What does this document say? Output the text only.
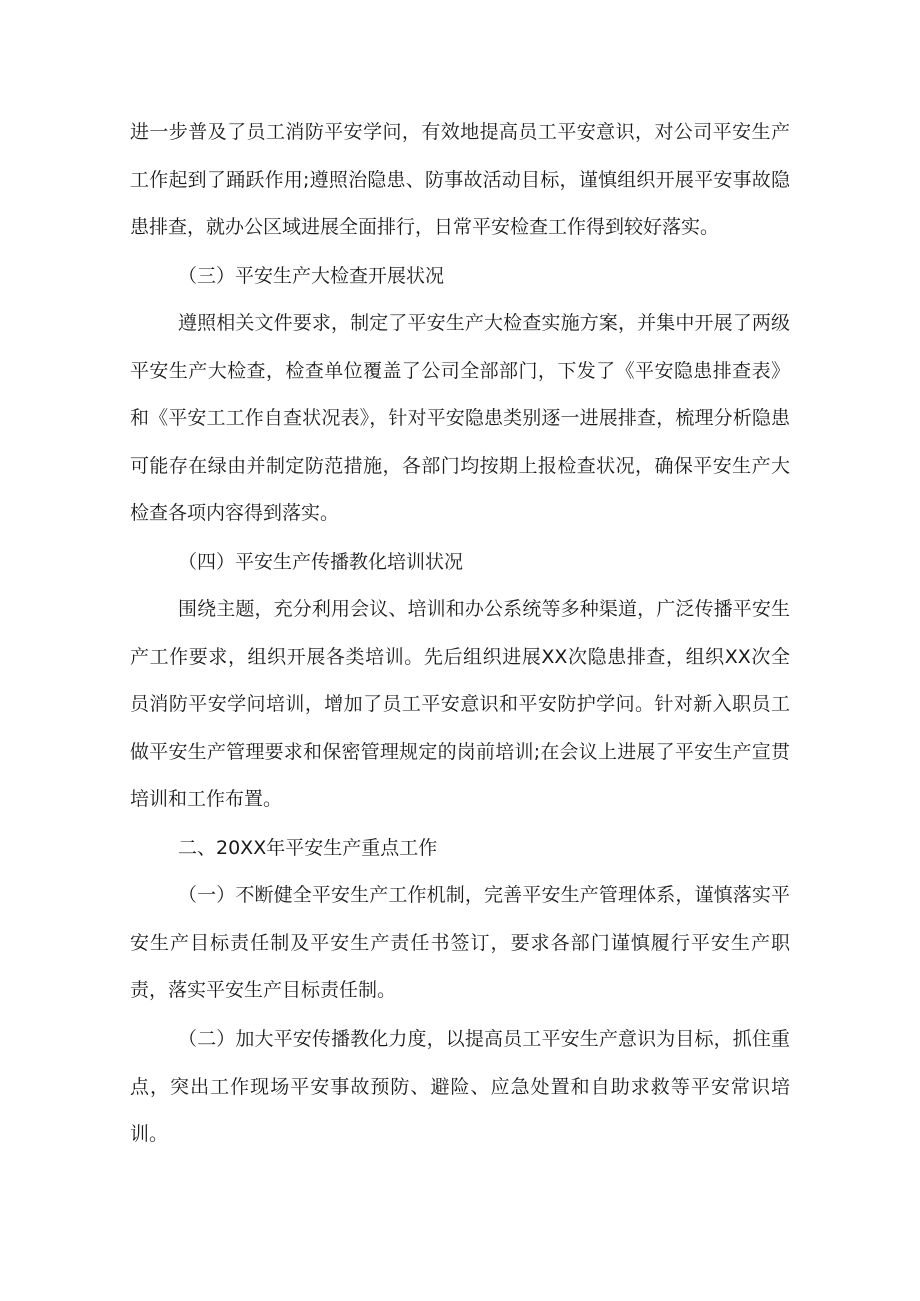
进一步普及了员工消防平安学问，有效地提高员工平安意识，对公司平安生产工作起到了踊跃作用;遵照治隐患、防事故活动目标，谨慎组织开展平安事故隐患排查，就办公区域进展全面排行，日常平安检查工作得到较好落实。

（三）平安生产大检查开展状况

遵照相关文件要求，制定了平安生产大检查实施方案，并集中开展了两级平安生产大检查，检查单位覆盖了公司全部部门，下发了《平安隐患排查表》和《平安工工作自查状况表》，针对平安隐患类别逐一进展排查，梳理分析隐患可能存在绿由并制定防范措施，各部门均按期上报检查状况，确保平安生产大检查各项内容得到落实。

（四）平安生产传播教化培训状况

围绕主题，充分利用会议、培训和办公系统等多种渠道，广泛传播平安生产工作要求，组织开展各类培训。先后组织进展XX次隐患排查，组织XX次全员消防平安学问培训，增加了员工平安意识和平安防护学问。针对新入职员工做平安生产管理要求和保密管理规定的岗前培训;在会议上进展了平安生产宣贯培训和工作布置。

二、20XX年平安生产重点工作

（一）不断健全平安生产工作机制，完善平安生产管理体系，谨慎落实平安生产目标责任制及平安生产责任书签订，要求各部门谨慎履行平安生产职责，落实平安生产目标责任制。

（二）加大平安传播教化力度，以提高员工平安生产意识为目标，抓住重点，突出工作现场平安事故预防、避险、应急处置和自助求救等平安常识培训。
